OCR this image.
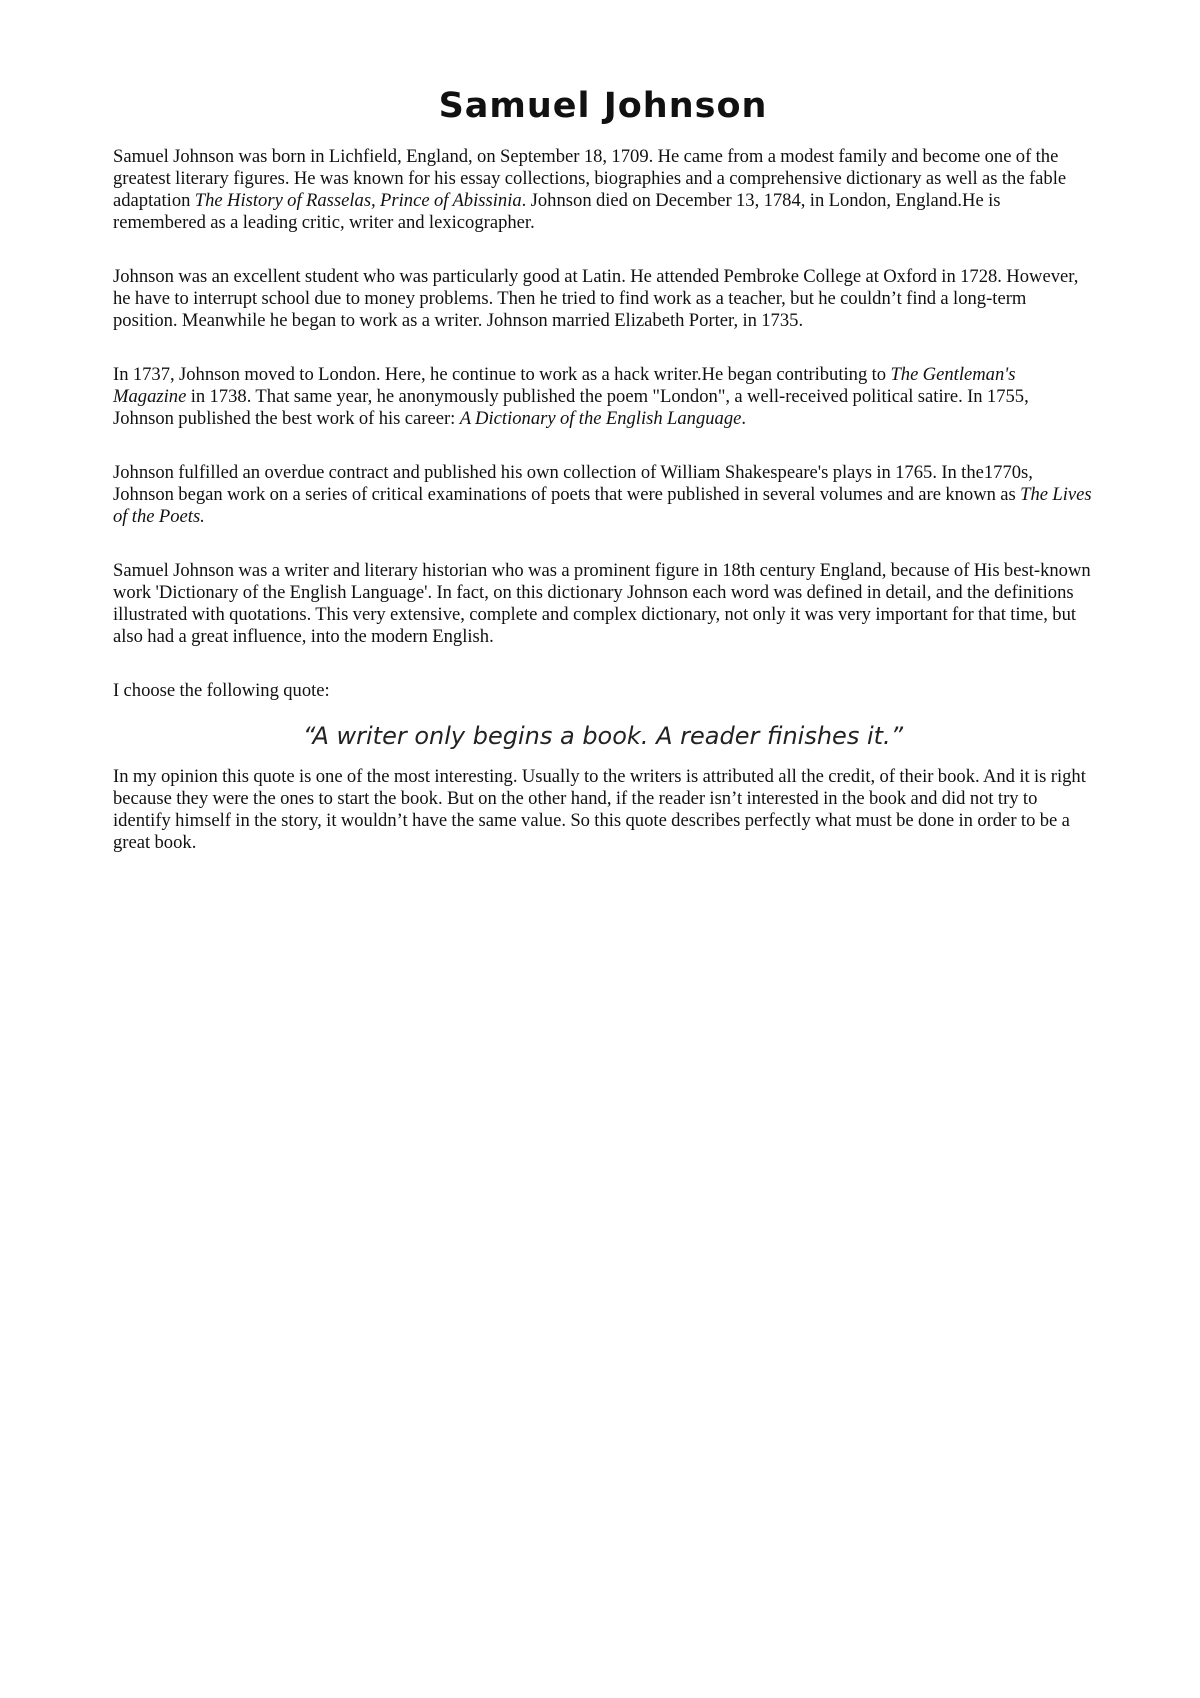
Samuel Johnson

Samuel Johnson was born in Lichfield, England, on September 18, 1709. He came from a modest family and become one of the greatest literary figures. He was known for his essay collections, biographies and a comprehensive dictionary as well as the fable adaptation The History of Rasselas, Prince of Abissinia. Johnson died on December 13, 1784, in London, England.He is remembered as a leading critic, writer and lexicographer.

Johnson was an excellent student who was particularly good at Latin. He attended Pembroke College at Oxford in 1728. However, he have to interrupt school due to money problems. Then he tried to find work as a teacher, but he couldn’t find a long-term position. Meanwhile he began to work as a writer. Johnson married Elizabeth Porter, in 1735.

In 1737, Johnson moved to London. Here, he continue to work as a hack writer.He began contributing to The Gentleman's Magazine in 1738. That same year, he anonymously published the poem "London", a well-received political satire. In 1755, Johnson published the best work of his career: A Dictionary of the English Language.

Johnson fulfilled an overdue contract and published his own collection of William Shakespeare's plays in 1765. In the1770s, Johnson began work on a series of critical examinations of poets that were published in several volumes and are known as The Lives of the Poets.

Samuel Johnson was a writer and literary historian who was a prominent figure in 18th century England, because of His best-known work 'Dictionary of the English Language'. In fact, on this dictionary Johnson each word was defined in detail, and the definitions illustrated with quotations. This very extensive, complete and complex dictionary, not only it was very important for that time, but also had a great influence, into the modern English.

I choose the following quote:

“A writer only begins a book. A reader finishes it.”

In my opinion this quote is one of the most interesting. Usually to the writers is attributed all the credit, of their book. And it is right because they were the ones to start the book. But on the other hand, if the reader isn’t interested in the book and did not try to identify himself in the story, it wouldn’t have the same value. So this quote describes perfectly what must be done in order to be a great book.
